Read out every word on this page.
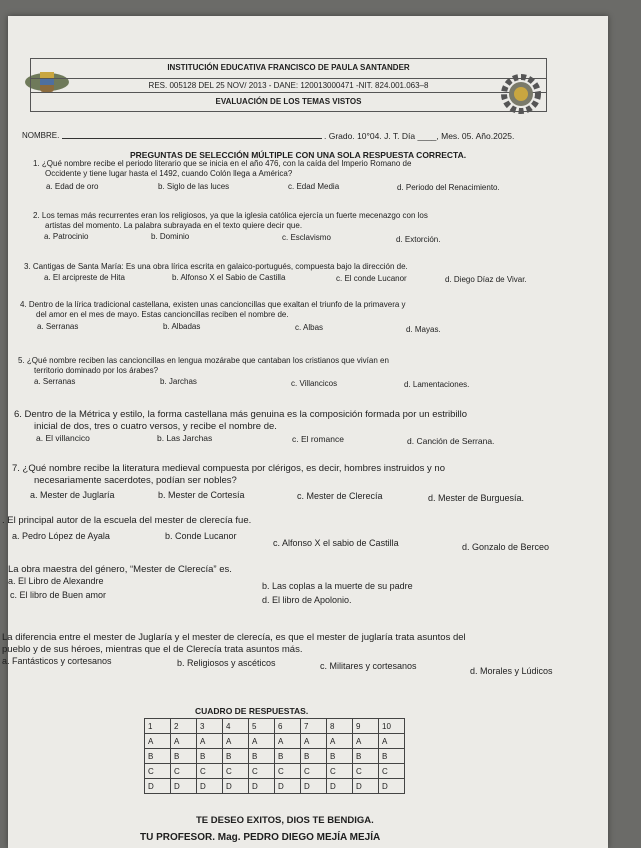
INSTITUCIÓN EDUCATIVA FRANCISCO DE PAULA SANTANDER
RES. 005128 DEL 25 NOV/ 2013 - DANE: 120013000471 -NIT. 824.001.063–8
EVALUACIÓN DE LOS TEMAS VISTOS
NOMBRE.	. Grado. 10°04. J. T. Día ____, Mes. 05. Año.2025.
PREGUNTAS DE SELECCIÓN MÚLTIPLE CON UNA SOLA RESPUESTA CORRECTA.
1. ¿Qué nombre recibe el periodo literario que se inicia en el año 476, con la caída del Imperio Romano de
Occidente y tiene lugar hasta el 1492, cuando Colón llega a América?
a. Edad de oro	b. Siglo de las luces	c. Edad Media	d. Periodo del Renacimiento.
2. Los temas más recurrentes eran los religiosos, ya que la iglesia católica ejercía un fuerte mecenazgo con los
artistas del momento. La palabra subrayada en el texto quiere decir que.
a. Patrocinio	b. Dominio	c. Esclavismo	d. Extorción.
3. Cantigas de Santa María: Es una obra lírica escrita en galaico-portugués, compuesta bajo la dirección de.
a. El arcipreste de Hita	b. Alfonso X el Sabio de Castilla	c. El conde Lucanor	d. Diego Díaz de Vivar.
4. Dentro de la lírica tradicional castellana, existen unas cancioncillas que exaltan el triunfo de la primavera y
del amor en el mes de mayo. Estas cancioncillas reciben el nombre de.
a. Serranas	b. Albadas	c. Albas	d. Mayas.
5. ¿Qué nombre reciben las cancioncillas en lengua mozárabe que cantaban los cristianos que vivían en
territorio dominado por los árabes?
a. Serranas	b. Jarchas	c. Villancicos	d. Lamentaciones.
6. Dentro de la Métrica y estilo, la forma castellana más genuina es la composición formada por un estribillo
inicial de dos, tres o cuatro versos, y recibe el nombre de.
a. El villancico	b. Las Jarchas	c. El romance	d. Canción de Serrana.
7. ¿Qué nombre recibe la literatura medieval compuesta por clérigos, es decir, hombres instruidos y no
necesariamente sacerdotes, podían ser nobles?
a. Mester de Juglaría	b. Mester de Cortesía	c. Mester de Clerecía	d. Mester de Burguesía.
. El principal autor de la escuela del mester de clerecía fue.
a. Pedro López de Ayala	b. Conde Lucanor
c. Alfonso X el sabio de Castilla	d. Gonzalo de Berceo
La obra maestra del género, “Mester de Clerecía” es.
a. El Libro de Alexandre	b. Las coplas a la muerte de su padre
c. El libro de Buen amor	d. El libro de Apolonio.
La diferencia entre el mester de Juglaría y el mester de clerecía, es que el mester de juglaría trata asuntos del
pueblo y de sus héroes, mientras que el de Clerecía trata asuntos más.
a. Fantásticos y cortesanos	b. Religiosos y ascéticos	c. Militares y cortesanos	d. Morales y Lúdicos
CUADRO DE RESPUESTAS.
1	2	3	4	5	6	7	8	9	10
A	A	A	A	A	A	A	A	A	A
B	B	B	B	B	B	B	B	B	B
C	C	C	C	C	C	C	C	C	C
D	D	D	D	D	D	D	D	D	D
TE DESEO EXITOS, DIOS TE BENDIGA.
TU PROFESOR. Mag. PEDRO DIEGO MEJÍA MEJÍA
